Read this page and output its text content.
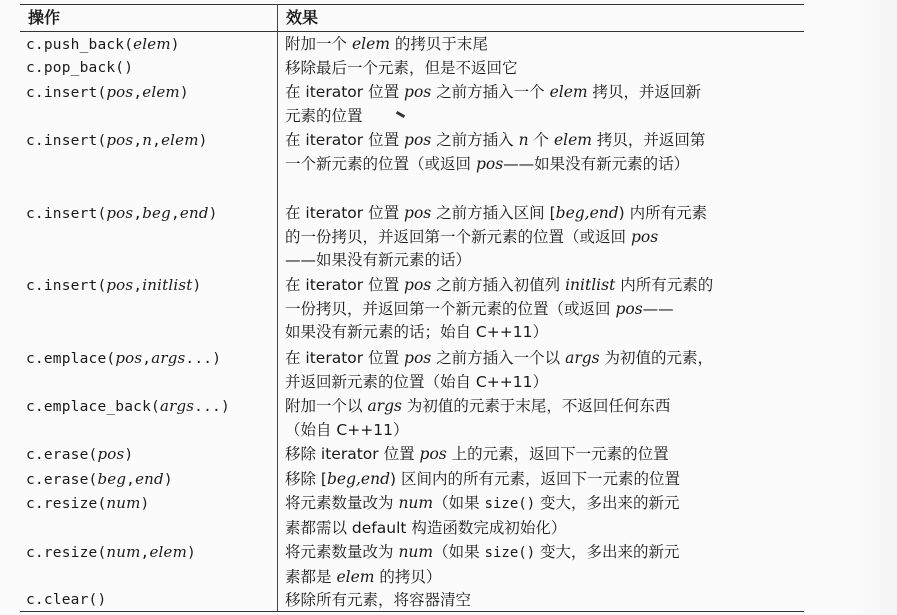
操作	效果
c.push_back(elem)	附加一个 elem 的拷贝于末尾
c.pop_back()	移除最后一个元素，但是不返回它
c.insert(pos,elem)	在 iterator 位置 pos 之前方插入一个 elem 拷贝，并返回新
元素的位置
c.insert(pos,n,elem)	在 iterator 位置 pos 之前方插入 n 个 elem 拷贝，并返回第
一个新元素的位置（或返回 pos——如果没有新元素的话）
c.insert(pos,beg,end)	在 iterator 位置 pos 之前方插入区间 [beg,end) 内所有元素
的一份拷贝，并返回第一个新元素的位置（或返回 pos
——如果没有新元素的话）
c.insert(pos,initlist)	在 iterator 位置 pos 之前方插入初值列 initlist 内所有元素的
一份拷贝，并返回第一个新元素的位置（或返回 pos——
如果没有新元素的话；始自 C++11）
c.emplace(pos,args...)	在 iterator 位置 pos 之前方插入一个以 args 为初值的元素，
并返回新元素的位置（始自 C++11）
c.emplace_back(args...)	附加一个以 args 为初值的元素于末尾，不返回任何东西
（始自 C++11）
c.erase(pos)	移除 iterator 位置 pos 上的元素，返回下一元素的位置
c.erase(beg,end)	移除 [beg,end) 区间内的所有元素，返回下一元素的位置
c.resize(num)	将元素数量改为 num（如果 size() 变大，多出来的新元
素都需以 default 构造函数完成初始化）
c.resize(num,elem)	将元素数量改为 num（如果 size() 变大，多出来的新元
素都是 elem 的拷贝）
c.clear()	移除所有元素，将容器清空
